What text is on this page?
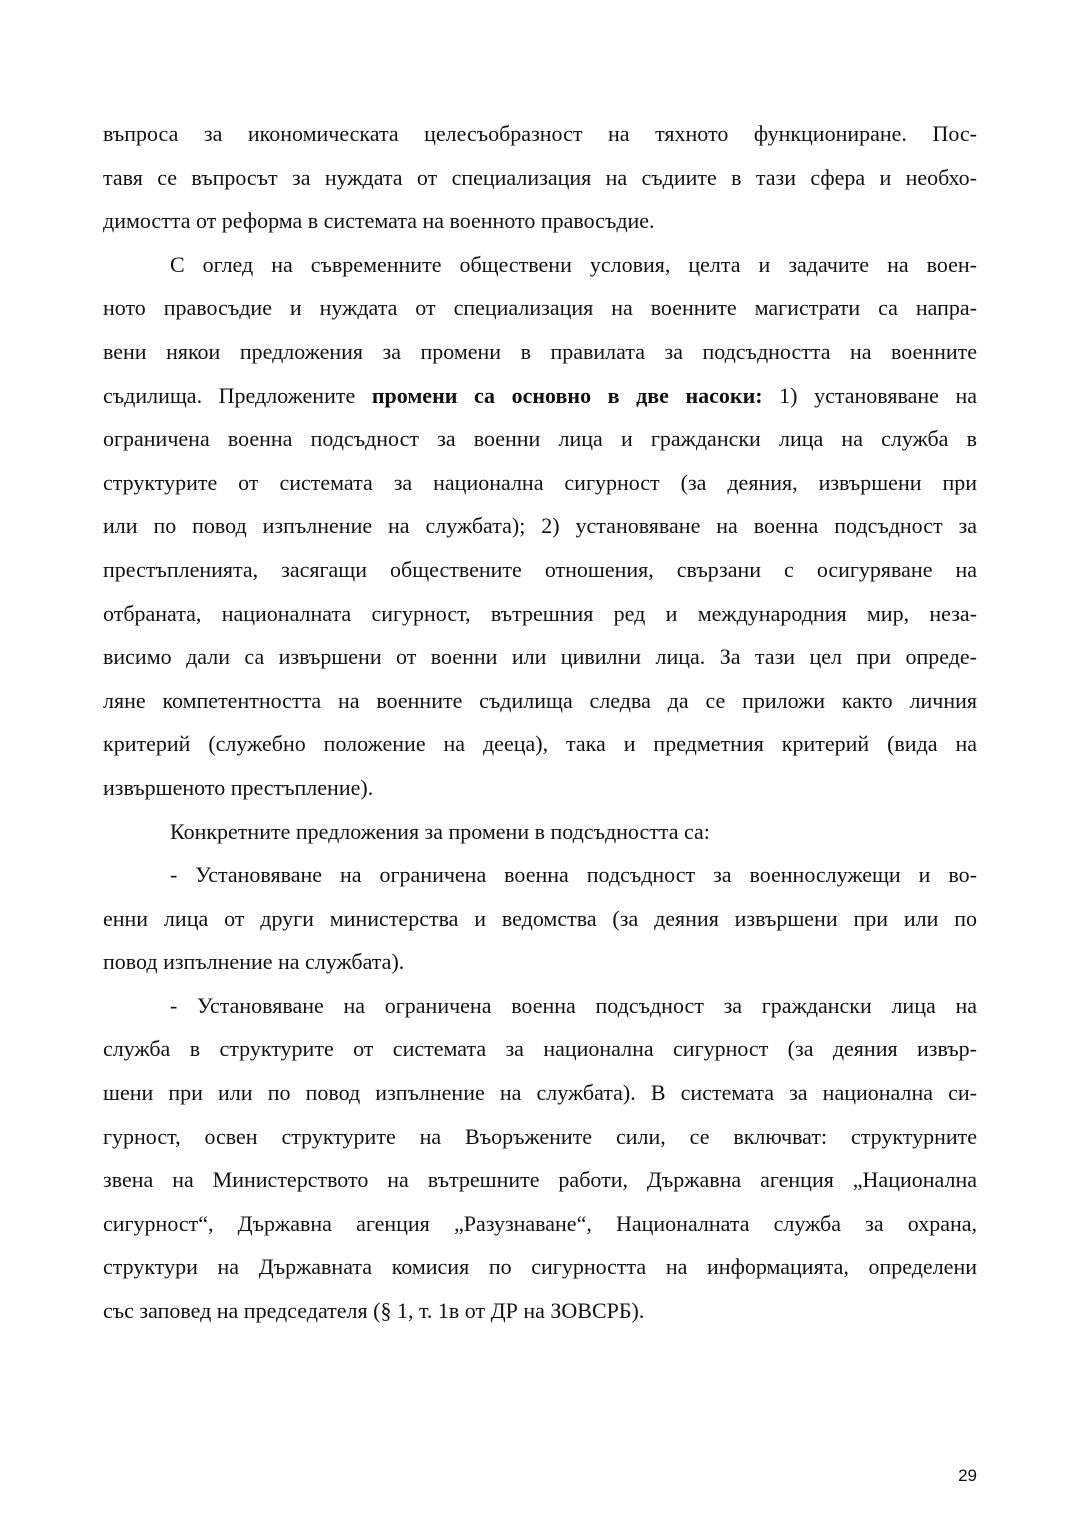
въпроса за икономическата целесъобразност на тяхното функциониране. Пос-
тавя се въпросът за нуждата от специализация на съдиите в тази сфера и необхо-
димостта от реформа в системата на военното правосъдие.
С оглед на съвременните обществени условия, целта и задачите на воен-
ното правосъдие и нуждата от специализация на военните магистрати са напра-
вени някои предложения за промени в правилата за подсъдността на военните
съдилища. Предложените промени са основно в две насоки: 1) установяване на
ограничена военна подсъдност за военни лица и граждански лица на служба в
структурите от системата за национална сигурност (за деяния, извършени при
или по повод изпълнение на службата); 2) установяване на военна подсъдност за
престъпленията, засягащи обществените отношения, свързани с осигуряване на
отбраната, националната сигурност, вътрешния ред и международния мир, неза-
висимо дали са извършени от военни или цивилни лица. За тази цел при опреде-
ляне компетентността на военните съдилища следва да се приложи както личния
критерий (служебно положение на дееца), така и предметния критерий (вида на
извършеното престъпление).
Конкретните предложения за промени в подсъдността са:
- Установяване на ограничена военна подсъдност за военнослужещи и во-
енни лица от други министерства и ведомства (за деяния извършени при или по
повод изпълнение на службата).
- Установяване на ограничена военна подсъдност за граждански лица на
служба в структурите от системата за национална сигурност (за деяния извър-
шени при или по повод изпълнение на службата). В системата за национална си-
гурност, освен структурите на Въоръжените сили, се включват: структурните
звена на Министерството на вътрешните работи, Държавна агенция „Национална
сигурност“, Държавна агенция „Разузнаване“, Националната служба за охрана,
структури на Държавната комисия по сигурността на информацията, определени
със заповед на председателя (§ 1, т. 1в от ДР на ЗОВСРБ).
29
